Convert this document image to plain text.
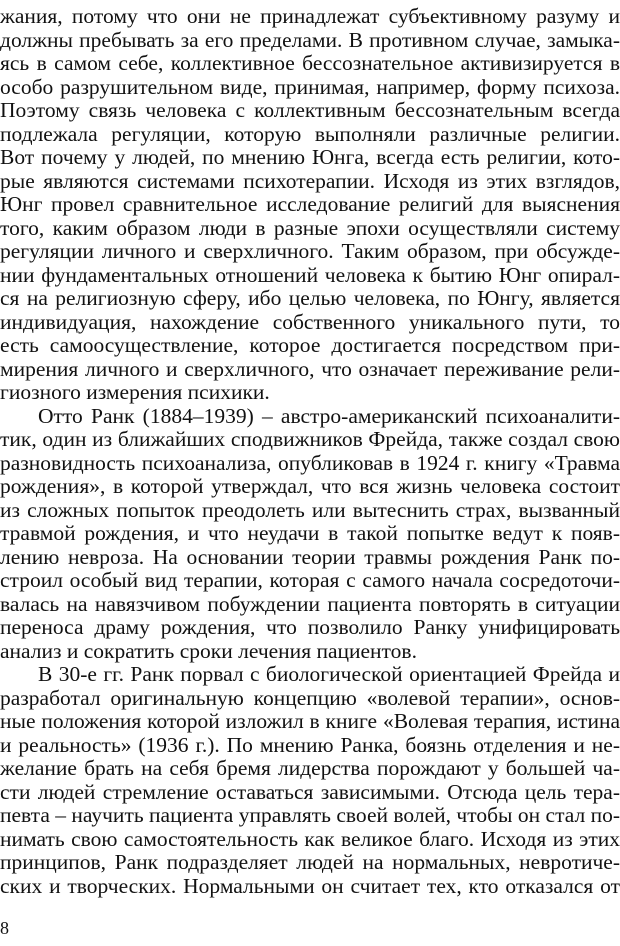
жания, потому что они не принадлежат субъективному разуму и
должны пребывать за его пределами. В противном случае, замыка-
ясь в самом себе, коллективное бессознательное активизируется в
особо разрушительном виде, принимая, например, форму психоза.
Поэтому связь человека с коллективным бессознательным всегда
подлежала регуляции, которую выполняли различные религии.
Вот почему у людей, по мнению Юнга, всегда есть религии, кото-
рые являются системами психотерапии. Исходя из этих взглядов,
Юнг провел сравнительное исследование религий для выяснения
того, каким образом люди в разные эпохи осуществляли систему
регуляции личного и сверхличного. Таким образом, при обсужде-
нии фундаментальных отношений человека к бытию Юнг опирал-
ся на религиозную сферу, ибо целью человека, по Юнгу, является
индивидуация, нахождение собственного уникального пути, то
есть самоосуществление, которое достигается посредством при-
мирения личного и сверхличного, что означает переживание рели-
гиозного измерения психики.
Отто Ранк (1884–1939) – австро-американский психоаналити-
тик, один из ближайших сподвижников Фрейда, также создал свою
разновидность психоанализа, опубликовав в 1924 г. книгу «Травма
рождения», в которой утверждал, что вся жизнь человека состоит
из сложных попыток преодолеть или вытеснить страх, вызванный
травмой рождения, и что неудачи в такой попытке ведут к появ-
лению невроза. На основании теории травмы рождения Ранк по-
строил особый вид терапии, которая с самого начала сосредоточи-
валась на навязчивом побуждении пациента повторять в ситуации
переноса драму рождения, что позволило Ранку унифицировать
анализ и сократить сроки лечения пациентов.
В 30-е гг. Ранк порвал с биологической ориентацией Фрейда и
разработал оригинальную концепцию «волевой терапии», основ-
ные положения которой изложил в книге «Волевая терапия, истина
и реальность» (1936 г.). По мнению Ранка, боязнь отделения и не-
желание брать на себя бремя лидерства порождают у большей ча-
сти людей стремление оставаться зависимыми. Отсюда цель тера-
певта – научить пациента управлять своей волей, чтобы он стал по-
нимать свою самостоятельность как великое благо. Исходя из этих
принципов, Ранк подразделяет людей на нормальных, невротиче-
ских и творческих. Нормальными он считает тех, кто отказался от
8
